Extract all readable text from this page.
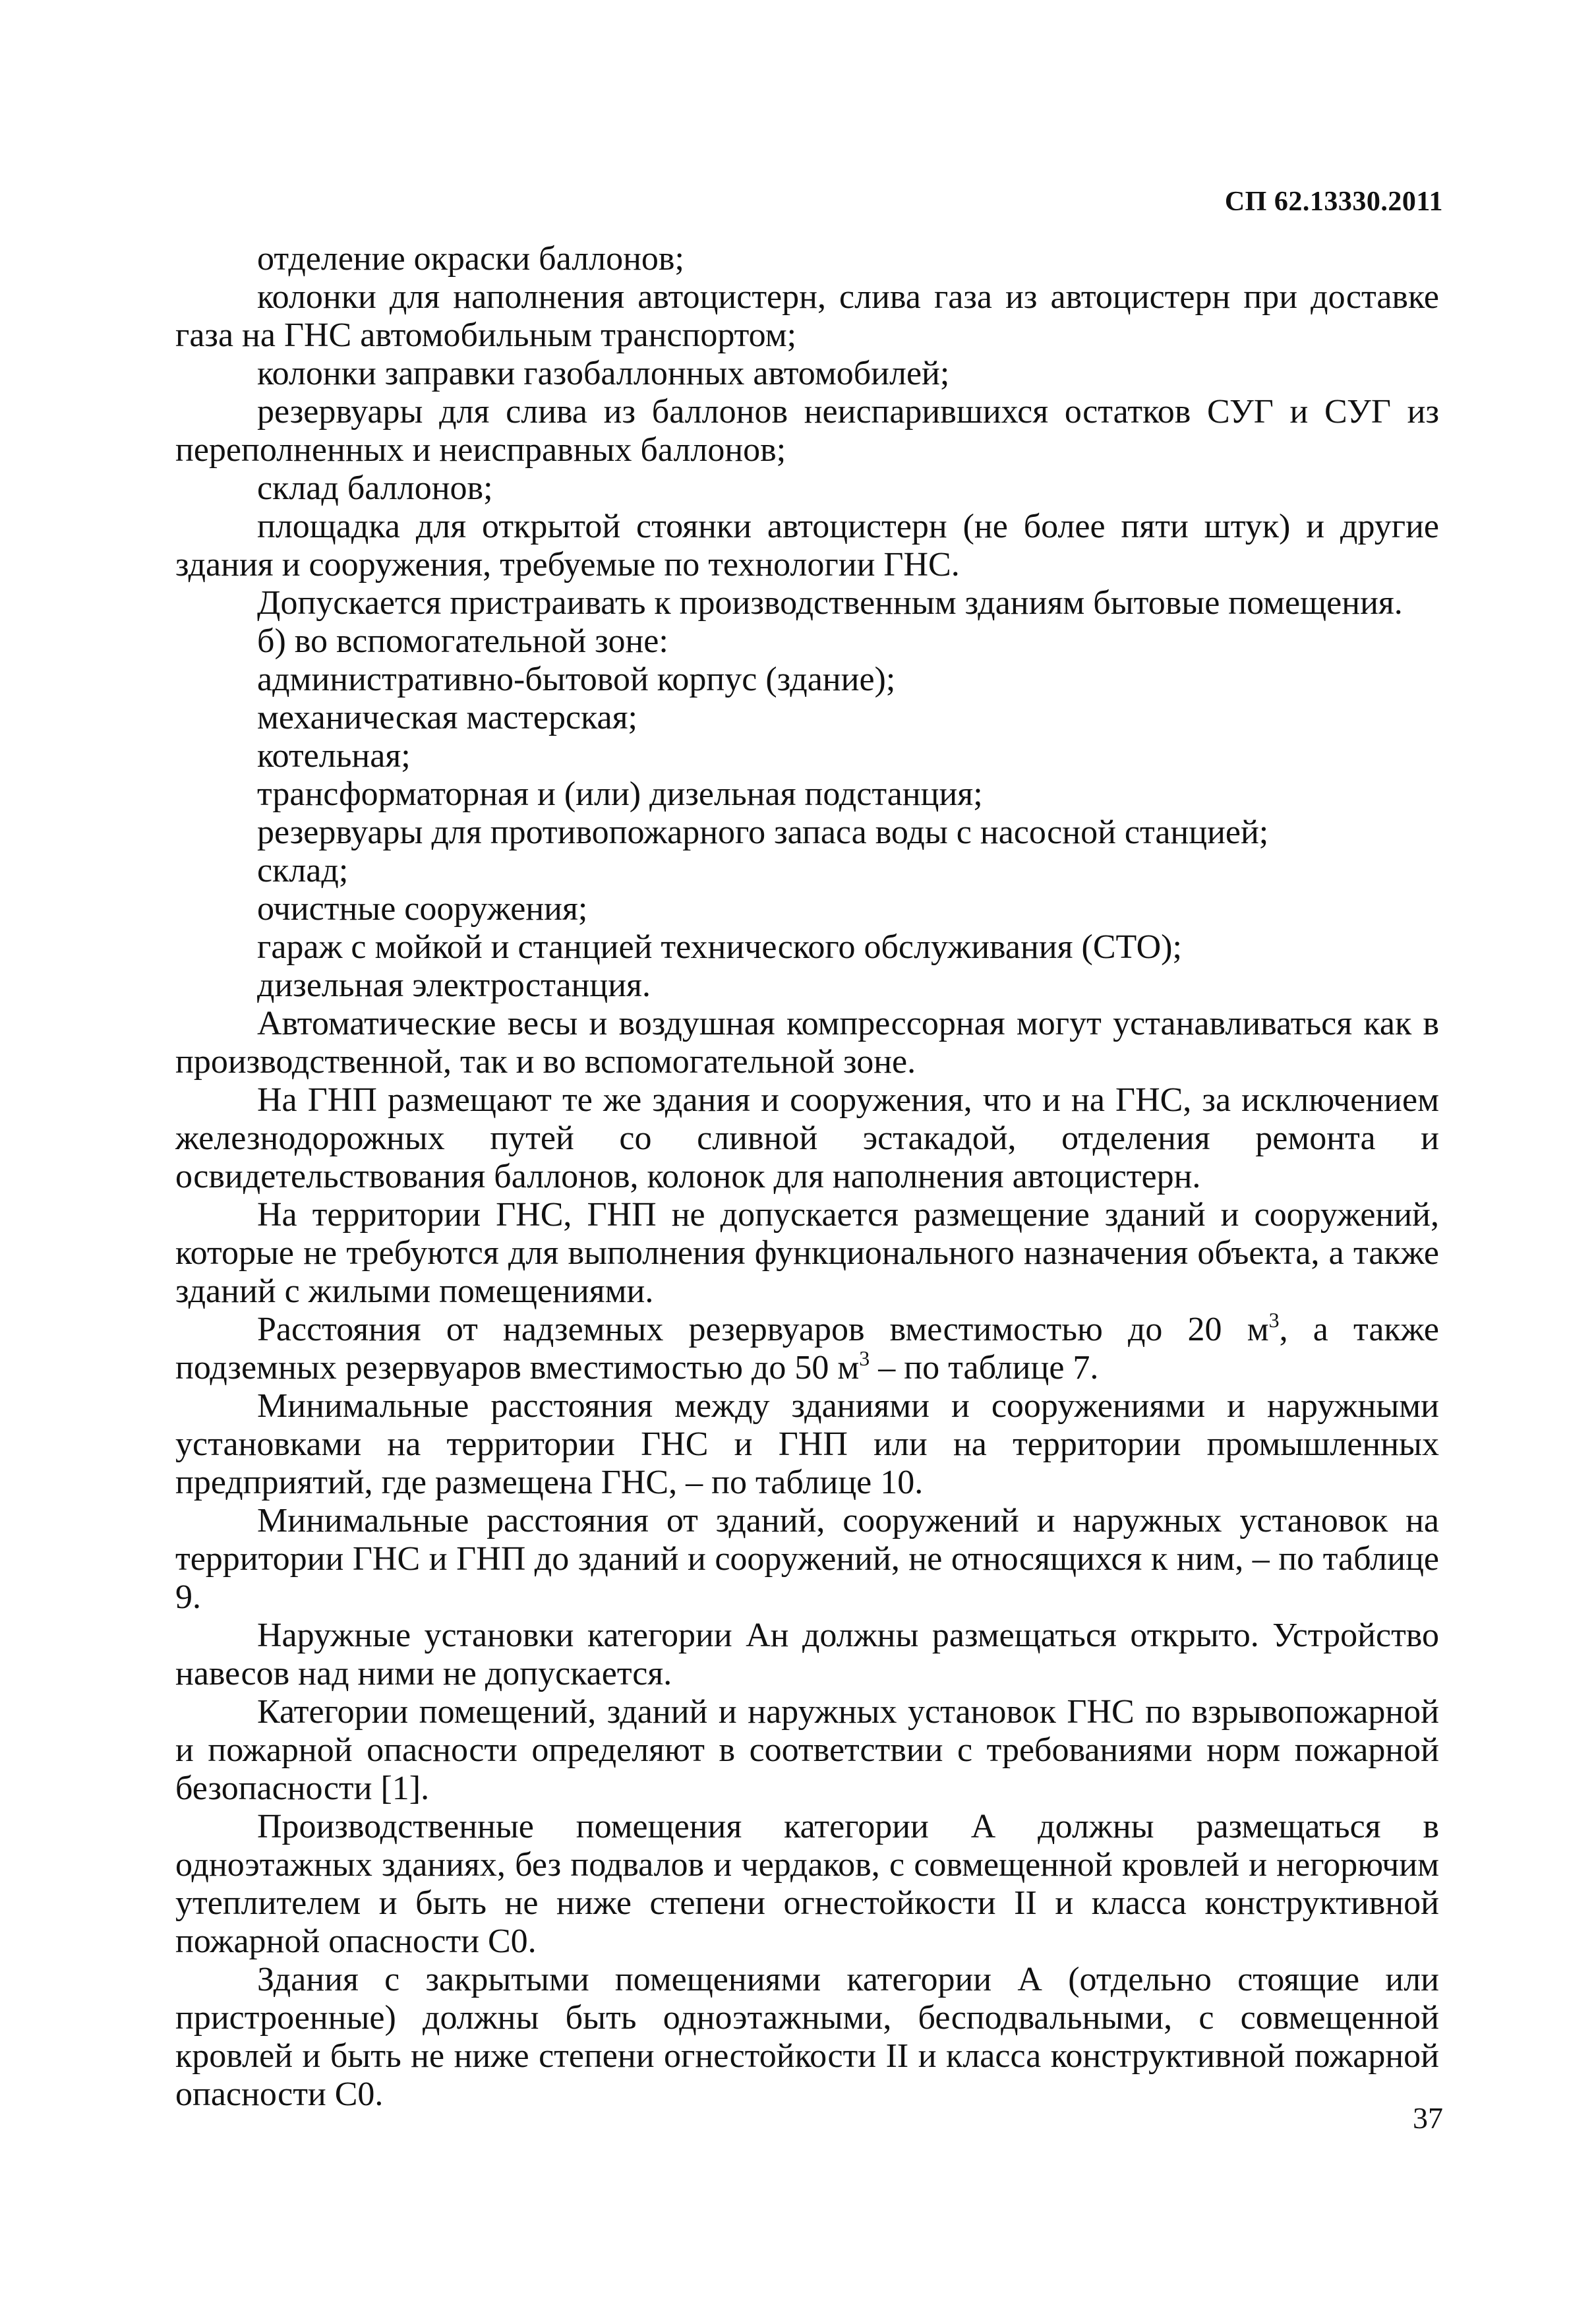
СП 62.13330.2011

отделение окраски баллонов;

колонки для наполнения автоцистерн, слива газа из автоцистерн при доставке газа на ГНС автомобильным транспортом;

колонки заправки газобаллонных автомобилей;

резервуары для слива из баллонов неиспарившихся остатков СУГ и СУГ из переполненных и неисправных баллонов;

склад баллонов;

площадка для открытой стоянки автоцистерн (не более пяти штук) и другие здания и сооружения, требуемые по технологии ГНС.

Допускается пристраивать к производственным зданиям бытовые помещения.

б) во вспомогательной зоне:

административно-бытовой корпус (здание);

механическая мастерская;

котельная;

трансформаторная и (или) дизельная подстанция;

резервуары для противопожарного запаса воды с насосной станцией;

склад;

очистные сооружения;

гараж с мойкой и станцией технического обслуживания (СТО);

дизельная электростанция.

Автоматические весы и воздушная компрессорная могут устанавливаться как в производственной, так и во вспомогательной зоне.

На ГНП размещают те же здания и сооружения, что и на ГНС, за исключением железнодорожных путей со сливной эстакадой, отделения ремонта и освидетельствования баллонов, колонок для наполнения автоцистерн.

На территории ГНС, ГНП не допускается размещение зданий и сооружений, которые не требуются для выполнения функционального назначения объекта, а также зданий с жилыми помещениями.

Расстояния от надземных резервуаров вместимостью до 20 $м^3$, а также подземных резервуаров вместимостью до 50 $м^3$ – по таблице 7.

Минимальные расстояния между зданиями и сооружениями и наружными установками на территории ГНС и ГНП или на территории промышленных предприятий, где размещена ГНС, – по таблице 10.

Минимальные расстояния от зданий, сооружений и наружных установок на территории ГНС и ГНП до зданий и сооружений, не относящихся к ним, – по таблице 9.

Наружные установки категории Ан должны размещаться открыто. Устройство навесов над ними не допускается.

Категории помещений, зданий и наружных установок ГНС по взрывопожарной и пожарной опасности определяют в соответствии с требованиями норм пожарной безопасности [1].

Производственные помещения категории А должны размещаться в одноэтажных зданиях, без подвалов и чердаков, с совмещенной кровлей и негорючим утеплителем и быть не ниже степени огнестойкости II и класса конструктивной пожарной опасности С0.

Здания с закрытыми помещениями категории А (отдельно стоящие или пристроенные) должны быть одноэтажными, бесподвальными, с совмещенной кровлей и быть не ниже степени огнестойкости II и класса конструктивной пожарной опасности С0.

37
